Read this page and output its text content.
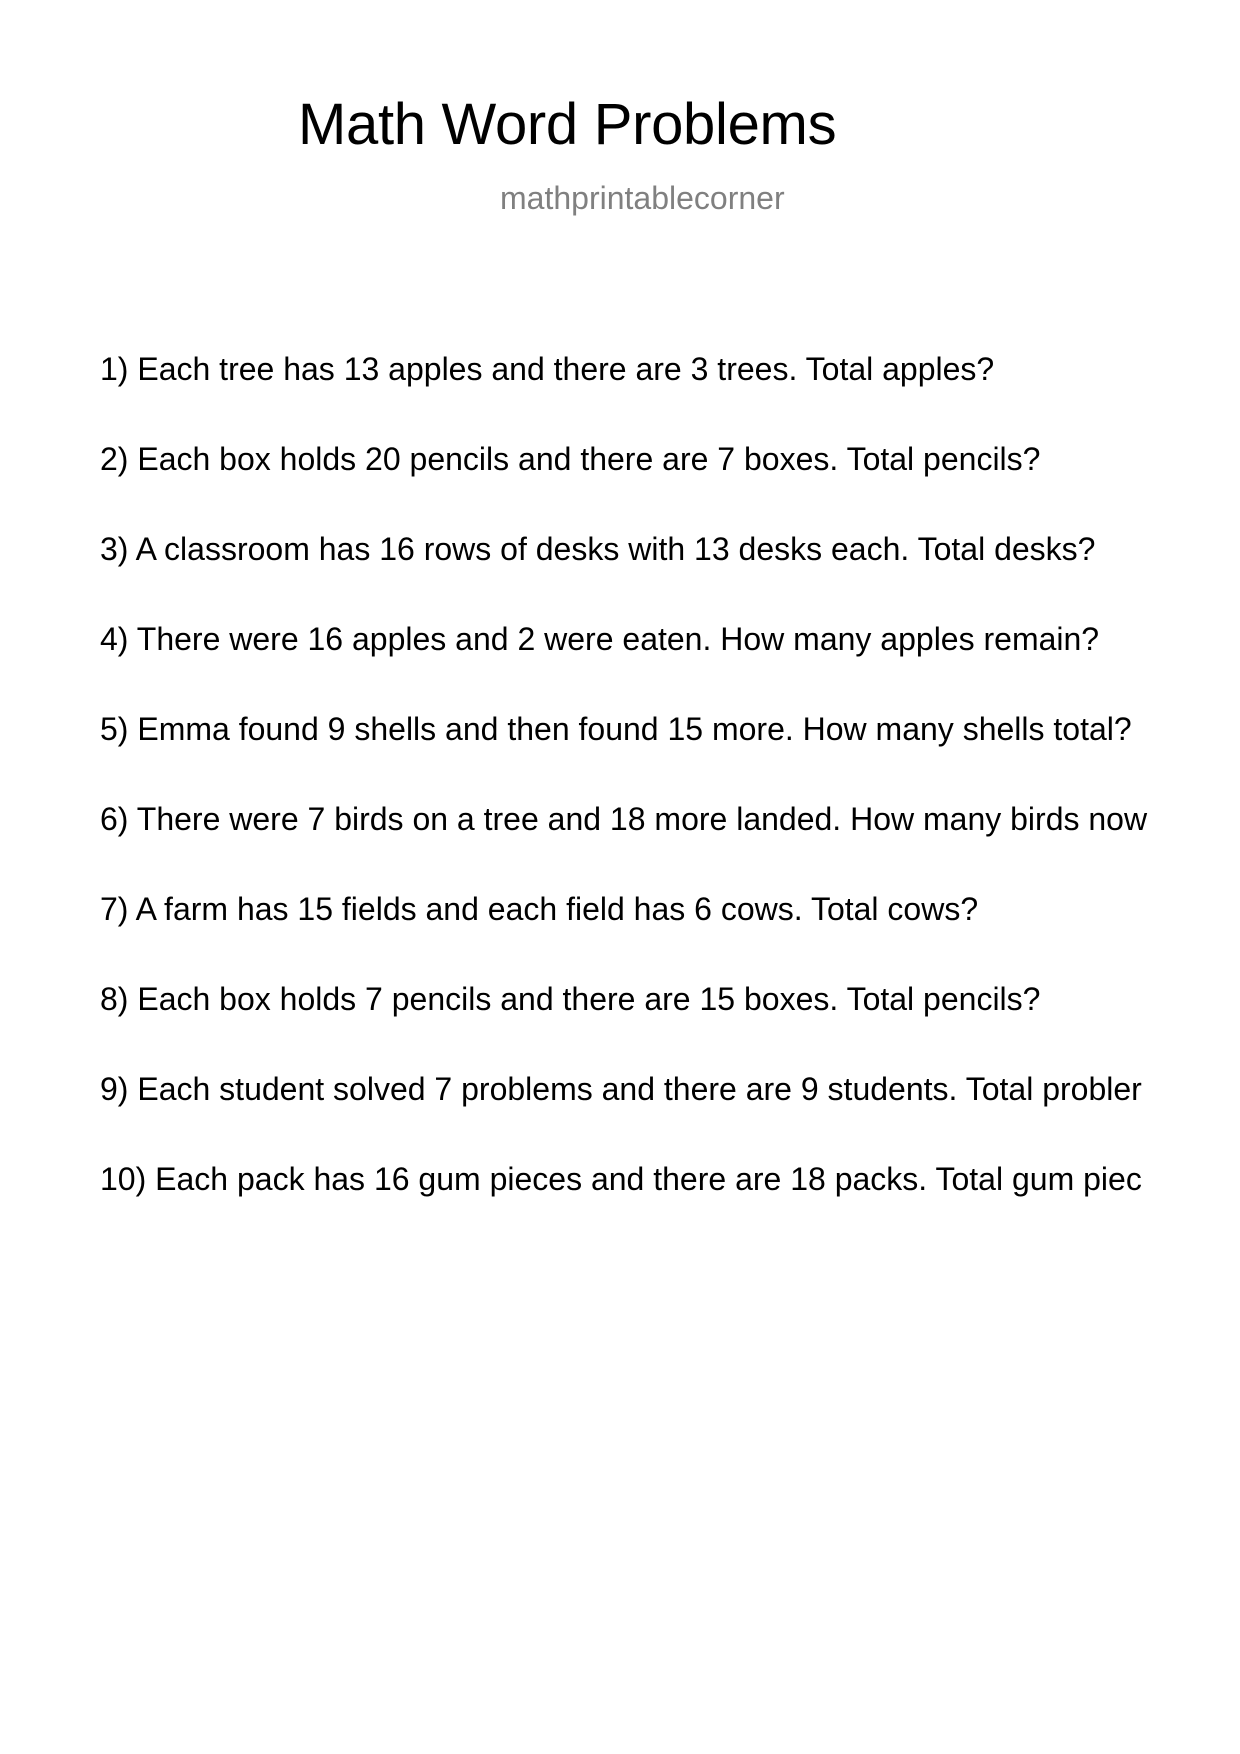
Math Word Problems
mathprintablecorner
1) Each tree has 13 apples and there are 3 trees. Total apples?
2) Each box holds 20 pencils and there are 7 boxes. Total pencils?
3) A classroom has 16 rows of desks with 13 desks each. Total desks?
4) There were 16 apples and 2 were eaten. How many apples remain?
5) Emma found 9 shells and then found 15 more. How many shells total?
6) There were 7 birds on a tree and 18 more landed. How many birds now
7) A farm has 15 fields and each field has 6 cows. Total cows?
8) Each box holds 7 pencils and there are 15 boxes. Total pencils?
9) Each student solved 7 problems and there are 9 students. Total probler
10) Each pack has 16 gum pieces and there are 18 packs. Total gum piec
